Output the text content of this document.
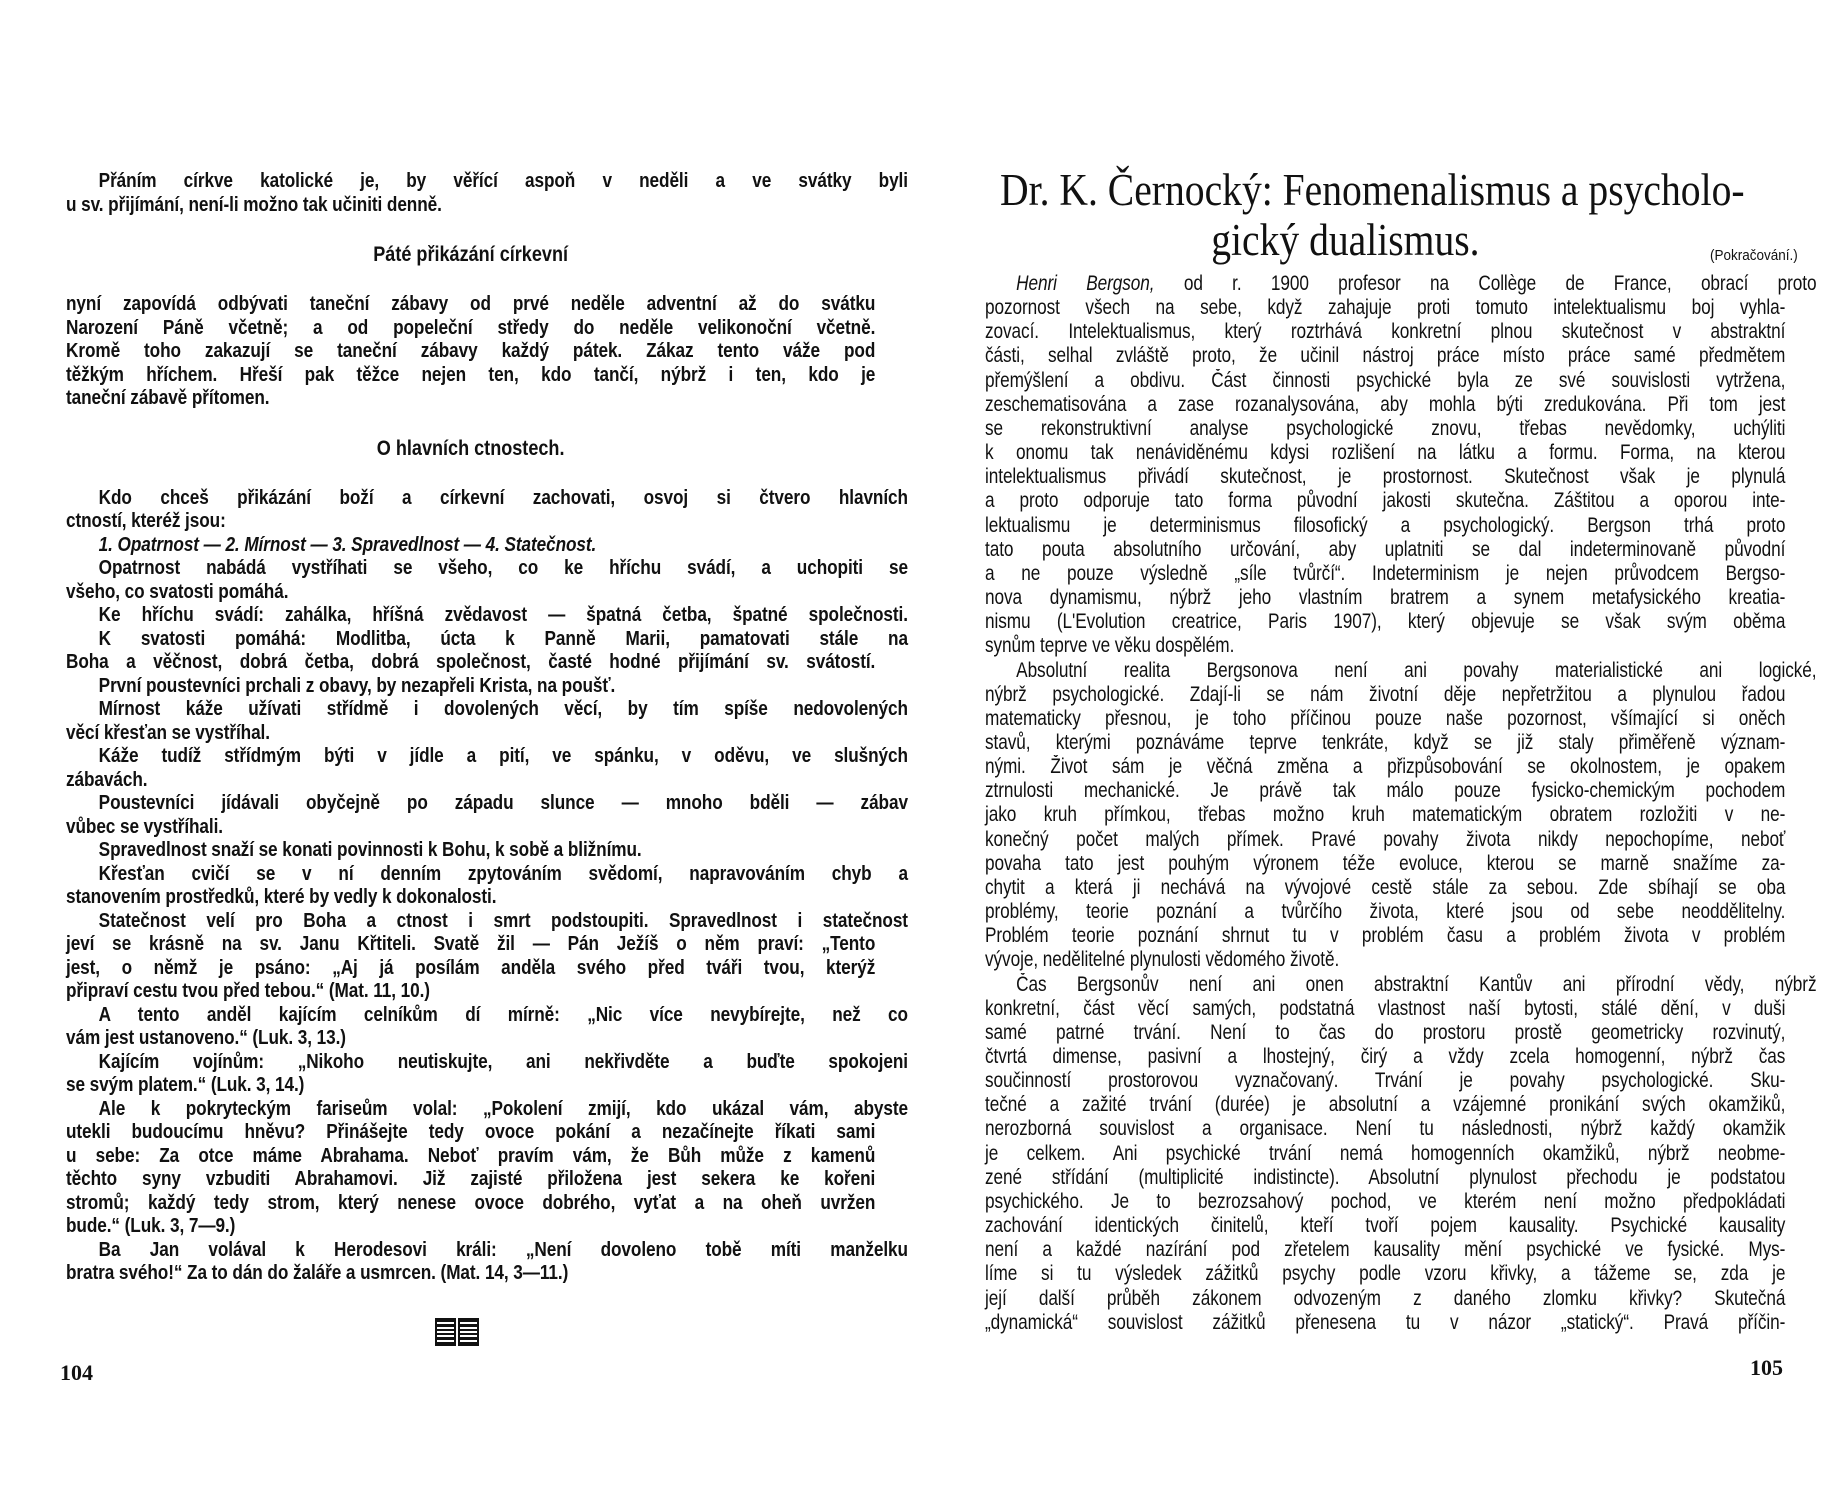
Přáním církve katolické je, by věřící aspoň v neděli a ve svátky byli
u sv. přijímání, není-li možno tak učiniti denně.
Páté přikázání církevní
nyní zapovídá odbývati taneční zábavy od prvé neděle adventní až do svátku
Narození Páně včetně; a od popeleční středy do neděle velikonoční včetně.
Kromě toho zakazují se taneční zábavy každý pátek. Zákaz tento váže pod
těžkým hříchem. Hřeší pak těžce nejen ten, kdo tančí, nýbrž i ten, kdo je
taneční zábavě přítomen.
O hlavních ctnostech.
Kdo chceš přikázání boží a církevní zachovati, osvoj si čtvero hlavních
ctností, kteréž jsou:
1. Opatrnost — 2. Mírnost — 3. Spravedlnost — 4. Statečnost.
Opatrnost nabádá vystříhati se všeho, co ke hříchu svádí, a uchopiti se
všeho, co svatosti pomáhá.
Ke hříchu svádí: zahálka, hříšná zvědavost — špatná četba, špatné společnosti.
K svatosti pomáhá: Modlitba, úcta k Panně Marii, pamatovati stále na
Boha a věčnost, dobrá četba, dobrá společnost, časté hodné přijímání sv. svátostí.
První poustevníci prchali z obavy, by nezapřeli Krista, na poušť.
Mírnost káže užívati střídmě i dovolených věcí, by tím spíše nedovolených
věcí křesťan se vystříhal.
Káže tudíž střídmým býti v jídle a pití, ve spánku, v oděvu, ve slušných
zábavách.
Poustevníci jídávali obyčejně po západu slunce — mnoho bděli — zábav
vůbec se vystříhali.
Spravedlnost snaží se konati povinnosti k Bohu, k sobě a bližnímu.
Křesťan cvičí se v ní denním zpytováním svědomí, napravováním chyb a
stanovením prostředků, které by vedly k dokonalosti.
Statečnost velí pro Boha a ctnost i smrt podstoupiti. Spravedlnost i statečnost
jeví se krásně na sv. Janu Křtiteli. Svatě žil — Pán Ježíš o něm praví: „Tento
jest, o němž je psáno: „Aj já posílám anděla svého před tváři tvou, kterýž
připraví cestu tvou před tebou.“ (Mat. 11, 10.)
A tento anděl kajícím celníkům dí mírně: „Nic více nevybírejte, než co
vám jest ustanoveno.“ (Luk. 3, 13.)
Kajícím vojínům: „Nikoho neutiskujte, ani nekřivděte a buďte spokojeni
se svým platem.“ (Luk. 3, 14.)
Ale k pokryteckým fariseům volal: „Pokolení zmijí, kdo ukázal vám, abyste
utekli budoucímu hněvu? Přinášejte tedy ovoce pokání a nezačínejte říkati sami
u sebe: Za otce máme Abrahama. Neboť pravím vám, že Bůh může z kamenů
těchto syny vzbuditi Abrahamovi. Již zajisté přiložena jest sekera ke kořeni
stromů; každý tedy strom, který nenese ovoce dobrého, vyťat a na oheň uvržen
bude.“ (Luk. 3, 7—9.)
Ba Jan volával k Herodesovi králi: „Není dovoleno tobě míti manželku
bratra svého!“ Za to dán do žaláře a usmrcen. (Mat. 14, 3—11.)
104
Dr. K. Černocký: Fenomenalismus a psycholo-
gický dualismus.	(Pokračování.)
Henri Bergson, od r. 1900 profesor na Collège de France, obrací proto
pozornost všech na sebe, když zahajuje proti tomuto intelektualismu boj vyhla-
zovací. Intelektualismus, který roztrhává konkretní plnou skutečnost v abstraktní
části, selhal zvláště proto, že učinil nástroj práce místo práce samé předmětem
přemýšlení a obdivu. Část činnosti psychické byla ze své souvislosti vytržena,
zeschematisována a zase rozanalysována, aby mohla býti zredukována. Při tom jest
se rekonstruktivní analyse psychologické znovu, třebas nevědomky, uchýliti
k onomu tak nenáviděnému kdysi rozlišení na látku a formu. Forma, na kterou
intelektualismus přivádí skutečnost, je prostornost. Skutečnost však je plynulá
a proto odporuje tato forma původní jakosti skutečna. Záštitou a oporou inte-
lektualismu je determinismus filosofický a psychologický. Bergson trhá proto
tato pouta absolutního určování, aby uplatniti se dal indeterminovaně původní
a ne pouze výsledně „síle tvůrčí“. Indeterminism je nejen průvodcem Bergso-
nova dynamismu, nýbrž jeho vlastním bratrem a synem metafysického kreatia-
nismu (L'Evolution creatrice, Paris 1907), který objevuje se však svým oběma
synům teprve ve věku dospělém.
Absolutní realita Bergsonova není ani povahy materialistické ani logické,
nýbrž psychologické. Zdají-li se nám životní děje nepřetržitou a plynulou řadou
matematicky přesnou, je toho příčinou pouze naše pozornost, všímající si oněch
stavů, kterými poznáváme teprve tenkráte, když se již staly přiměřeně význam-
nými. Život sám je věčná změna a přizpůsobování se okolnostem, je opakem
ztrnulosti mechanické. Je právě tak málo pouze fysicko-chemickým pochodem
jako kruh přímkou, třebas možno kruh matematickým obratem rozložiti v ne-
konečný počet malých přímek. Pravé povahy života nikdy nepochopíme, neboť
povaha tato jest pouhým výronem téže evoluce, kterou se marně snažíme za-
chytit a která ji nechává na vývojové cestě stále za sebou. Zde sbíhají se oba
problémy, teorie poznání a tvůrčího života, které jsou od sebe neoddělitelny.
Problém teorie poznání shrnut tu v problém času a problém života v problém
vývoje, nedělitelné plynulosti vědomého životě.
Čas Bergsonův není ani onen abstraktní Kantův ani přírodní vědy, nýbrž
konkretní, část věcí samých, podstatná vlastnost naší bytosti, stálé dění, v duši
samé patrné trvání. Není to čas do prostoru prostě geometricky rozvinutý,
čtvrtá dimense, pasivní a lhostejný, čirý a vždy zcela homogenní, nýbrž čas
součinností prostorovou vyznačovaný. Trvání je povahy psychologické. Sku-
tečné a zažité trvání (durée) je absolutní a vzájemné pronikání svých okamžiků,
nerozborná souvislost a organisace. Není tu následnosti, nýbrž každý okamžik
je celkem. Ani psychické trvání nemá homogenních okamžiků, nýbrž neobme-
zené střídání (multiplicité indistincte). Absolutní plynulost přechodu je podstatou
psychického. Je to bezrozsahový pochod, ve kterém není možno předpokládati
zachování identických činitelů, kteří tvoří pojem kausality. Psychické kausality
není a každé nazírání pod zřetelem kausality mění psychické ve fysické. Mys-
líme si tu výsledek zážitků psychy podle vzoru křivky, a tážeme se, zda je
její další průběh zákonem odvozeným z daného zlomku křivky? Skutečná
„dynamická“ souvislost zážitků přenesena tu v názor „statický“. Pravá příčin-
105
